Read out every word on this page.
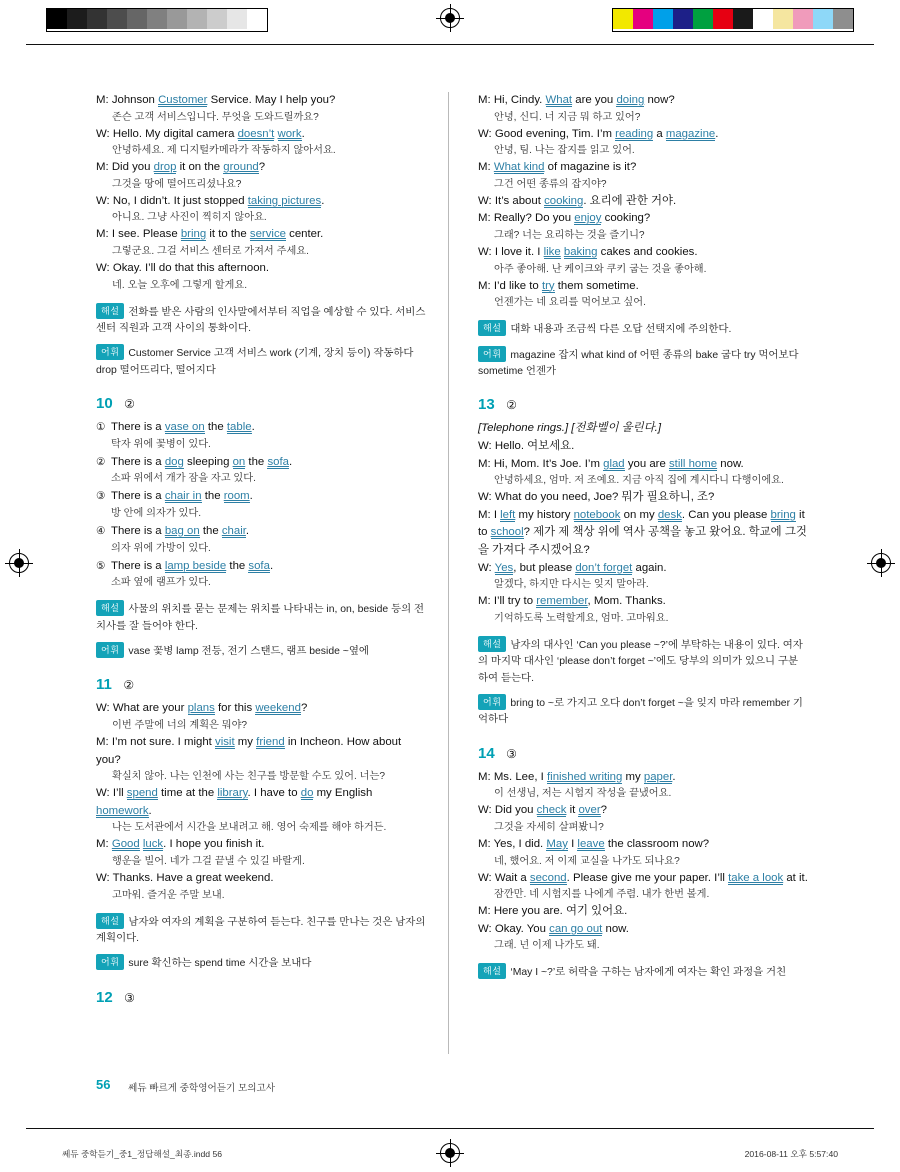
M: Johnson Customer Service. May I help you?
존슨 고객 서비스입니다. 무엇을 도와드릴까요?
W: Hello. My digital camera doesn’t work.
안녕하세요. 제 디지털카메라가 작동하지 않아서요.
M: Did you drop it on the ground?
그것을 땅에 떨어뜨리셨나요?
W: No, I didn’t. It just stopped taking pictures.
아니요. 그냥 사진이 찍히지 않아요.
M: I see. Please bring it to the service center.
그렇군요. 그걸 서비스 센터로 가져서 주세요.
W: Okay. I’ll do that this afternoon.
네. 오늘 오후에 그렇게 할게요.
해설 전화를 받은 사람의 인사말에서부터 직업을 예상할 수 있다. 서비스센터 직원과 고객 사이의 통화이다.
어휘 Customer Service 고객 서비스 work (기계, 장치 등이) 작동하다 drop 떨어뜨리다, 떨어지다
10 ②
① There is a vase on the table.
탁자 위에 꽃병이 있다.
② There is a dog sleeping on the sofa.
소파 위에서 개가 잠을 자고 있다.
③ There is a chair in the room.
방 안에 의자가 있다.
④ There is a bag on the chair.
의자 위에 가방이 있다.
⑤ There is a lamp beside the sofa.
소파 옆에 램프가 있다.
해설 사물의 위치를 묻는 문제는 위치를 나타내는 in, on, beside 등의 전치사를 잘 들어야 한다.
어휘 vase 꽃병 lamp 전등, 전기 스탠드, 램프 beside ~옆에
11 ②
W: What are your plans for this weekend?
이번 주말에 너의 계획은 뭐야?
M: I’m not sure. I might visit my friend in Incheon. How about you?
확실치 않아. 나는 인천에 사는 친구를 방문할 수도 있어. 너는?
W: I’ll spend time at the library. I have to do my English homework.
나는 도서관에서 시간을 보내려고 해. 영어 숙제를 해야 하거든.
M: Good luck. I hope you finish it.
행운을 빌어. 네가 그걸 끝낼 수 있길 바랄게.
W: Thanks. Have a great weekend.
고마워. 즐거운 주말 보내.
해설 남자와 여자의 계획을 구분하여 듣는다. 친구를 만나는 것은 남자의 계획이다.
어휘 sure 확신하는 spend time 시간을 보내다
12 ③
M: Hi, Cindy. What are you doing now?
안녕, 신디. 너 지금 뭐 하고 있어?
W: Good evening, Tim. I’m reading a magazine.
안녕, 팀. 나는 잡지를 읽고 있어.
M: What kind of magazine is it?
그건 어떤 종류의 잡지야?
W: It’s about cooking. 요리에 관한 거야.
M: Really? Do you enjoy cooking?
그래? 너는 요리하는 것을 즐기니?
W: I love it. I like baking cakes and cookies.
아주 좋아해. 난 케이크와 쿠키 굽는 것을 좋아해.
M: I’d like to try them sometime.
언젠가는 네 요리를 먹어보고 싶어.
해설 대화 내용과 조금씩 다른 오답 선택지에 주의한다.
어휘 magazine 잡지 what kind of 어떤 종류의 bake 굽다 try 먹어보다 sometime 언젠가
13 ②
[Telephone rings.] [전화벨이 울린다.]
W: Hello. 여보세요.
M: Hi, Mom. It’s Joe. I’m glad you are still home now.
안녕하세요, 엄마. 저 조예요. 지금 아직 집에 계시다니 다행이에요.
W: What do you need, Joe? 뭐가 필요하니, 조?
M: I left my history notebook on my desk. Can you please bring it to school? 제가 제 책상 위에 역사 공책을 놓고 왔어요. 학교에 그것을 가져다 주시겠어요?
W: Yes, but please don’t forget again.
알겠다, 하지만 다시는 잊지 말아라.
M: I’ll try to remember, Mom. Thanks.
기억하도록 노력할게요, 엄마. 고마워요.
해설 남자의 대사인 ‘Can you please ~?’에 부탁하는 내용이 있다. 여자의 마지막 대사인 ‘please don’t forget ~’에도 당부의 의미가 있으니 구분하여 듣는다.
어휘 bring to ~로 가지고 오다 don’t forget ~을 잊지 마라 remember 기억하다
14 ③
M: Ms. Lee, I finished writing my paper.
이 선생님, 저는 시험지 작성을 끝냈어요.
W: Did you check it over?
그것을 자세히 살펴봤니?
M: Yes, I did. May I leave the classroom now?
네, 했어요. 저 이제 교실을 나가도 되나요?
W: Wait a second. Please give me your paper. I’ll take a look at it.
잠깐만. 네 시험지를 나에게 주렴. 내가 한번 볼게.
M: Here you are. 여기 있어요.
W: Okay. You can go out now.
그래. 넌 이제 나가도 돼.
해설 ‘May I ~?’로 허락을 구하는 남자에게 여자는 확인 과정을 거친
56 쎄듀 빠르게 중학영어듣기 모의고사
쎄듀 중학듣기_중1_정답해설_최종.indd 56	2016-08-11 오후 5:57:40
